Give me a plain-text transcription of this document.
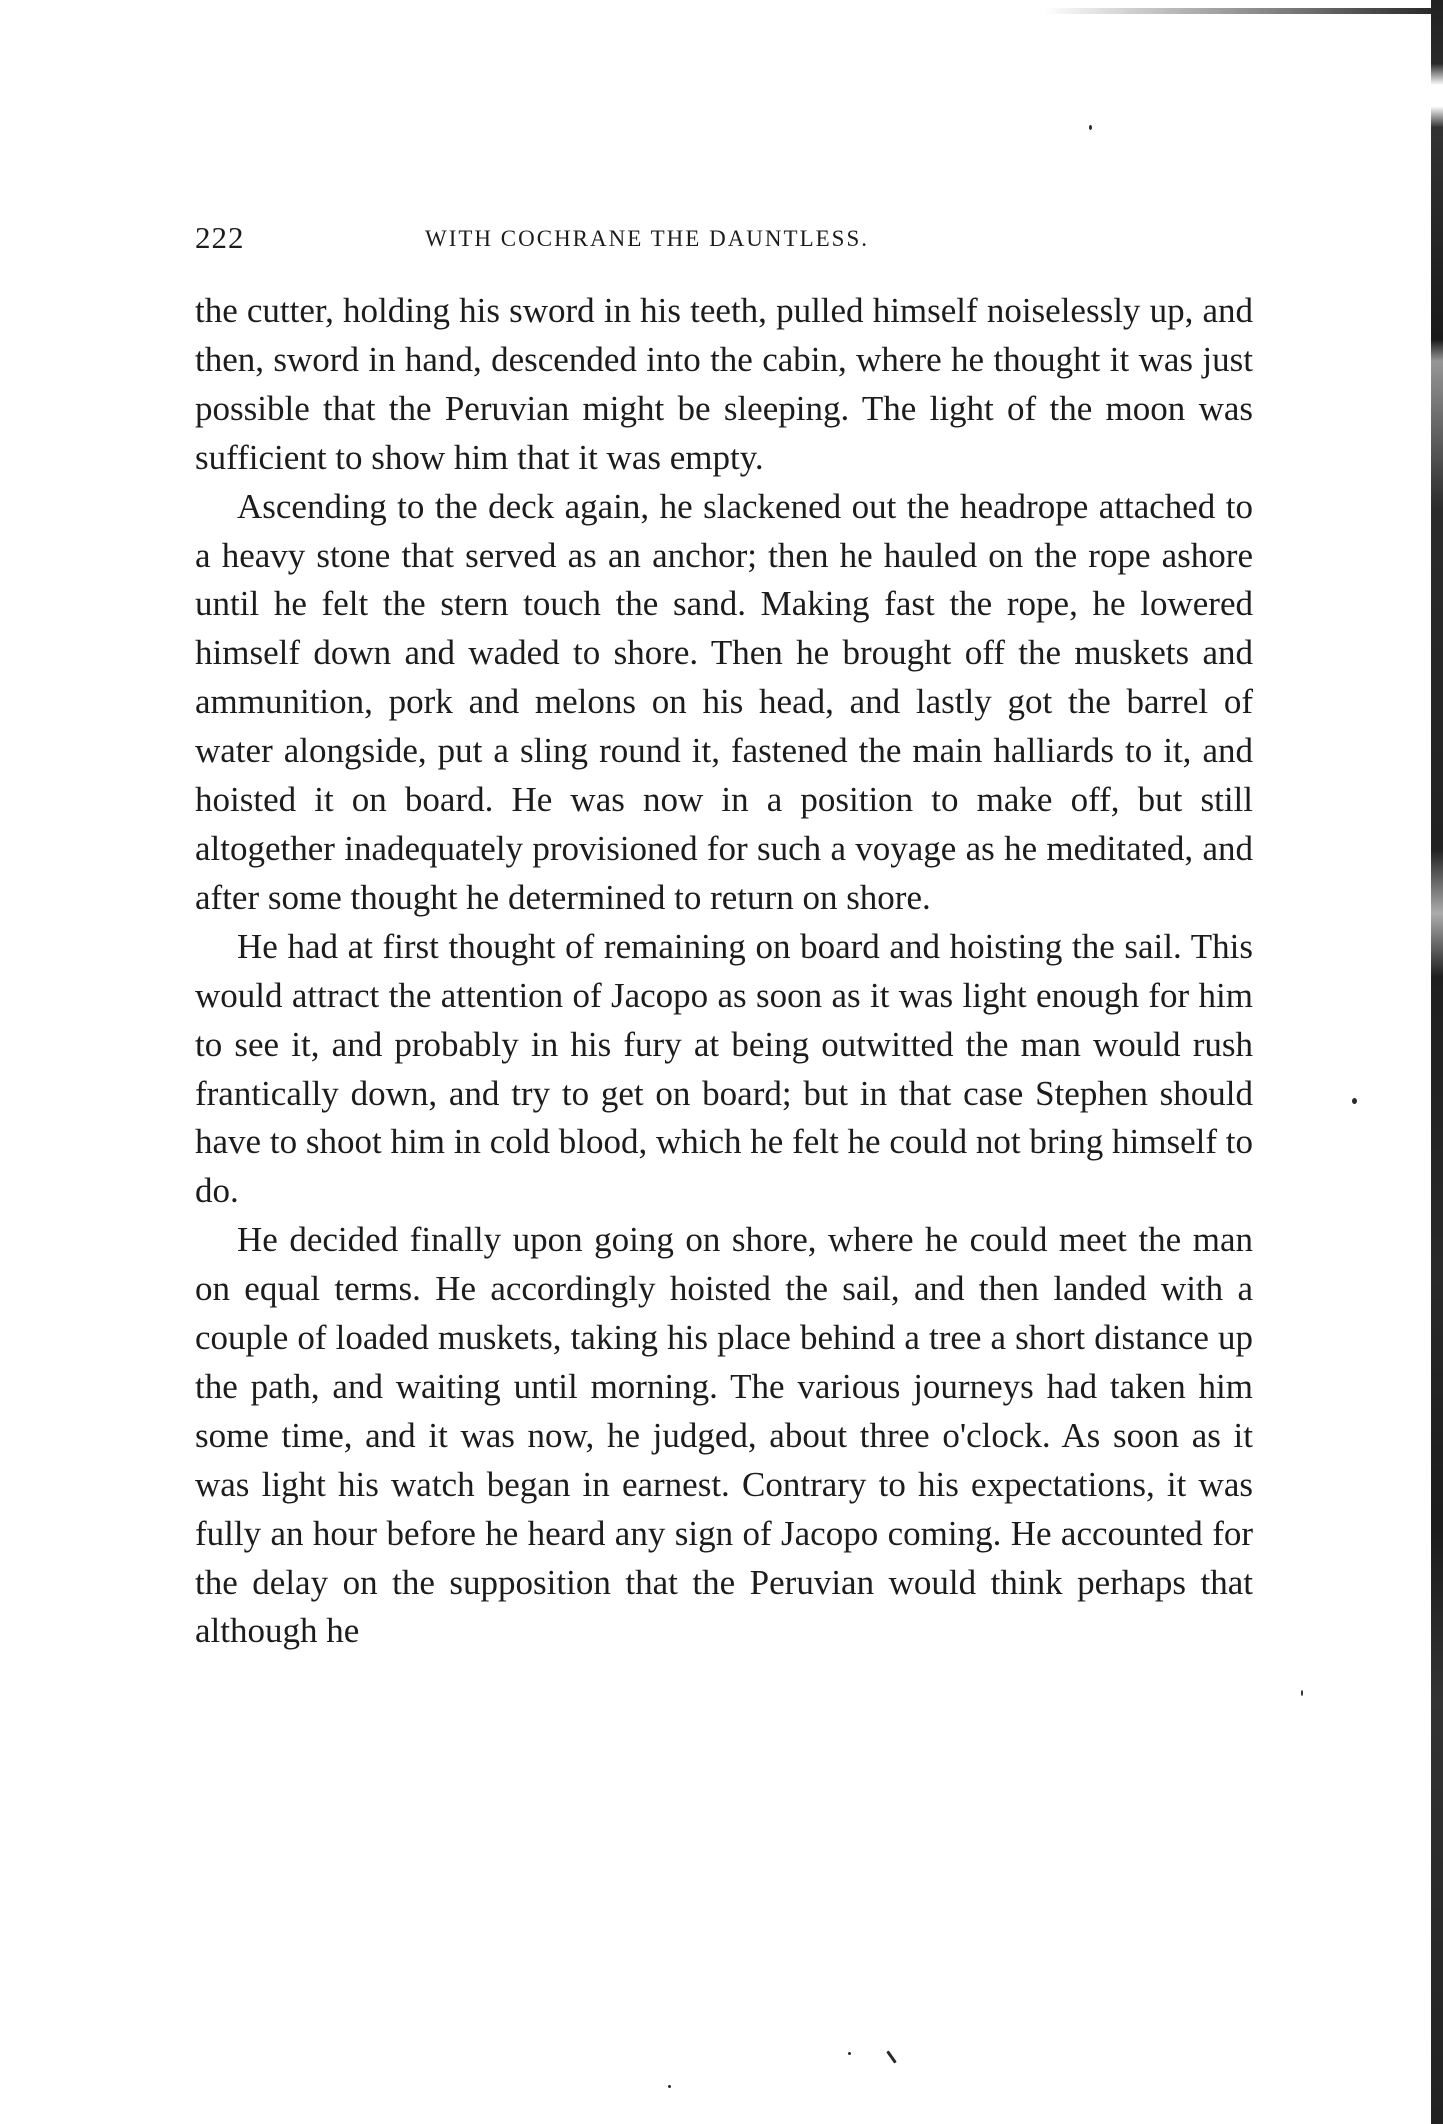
222	WITH COCHRANE THE DAUNTLESS.

the cutter, holding his sword in his teeth, pulled himself noiselessly up, and then, sword in hand, descended into the cabin, where he thought it was just possible that the Peruvian might be sleeping. The light of the moon was sufficient to show him that it was empty.

Ascending to the deck again, he slackened out the headrope attached to a heavy stone that served as an anchor; then he hauled on the rope ashore until he felt the stern touch the sand. Making fast the rope, he lowered himself down and waded to shore. Then he brought off the muskets and ammunition, pork and melons on his head, and lastly got the barrel of water alongside, put a sling round it, fastened the main halliards to it, and hoisted it on board. He was now in a position to make off, but still altogether inadequately provisioned for such a voyage as he meditated, and after some thought he determined to return on shore.

He had at first thought of remaining on board and hoisting the sail. This would attract the attention of Jacopo as soon as it was light enough for him to see it, and probably in his fury at being outwitted the man would rush frantically down, and try to get on board; but in that case Stephen should have to shoot him in cold blood, which he felt he could not bring himself to do.

He decided finally upon going on shore, where he could meet the man on equal terms. He accordingly hoisted the sail, and then landed with a couple of loaded muskets, taking his place behind a tree a short distance up the path, and waiting until morning. The various journeys had taken him some time, and it was now, he judged, about three o'clock. As soon as it was light his watch began in earnest. Contrary to his expectations, it was fully an hour before he heard any sign of Jacopo coming. He accounted for the delay on the supposition that the Peruvian would think perhaps that although he
